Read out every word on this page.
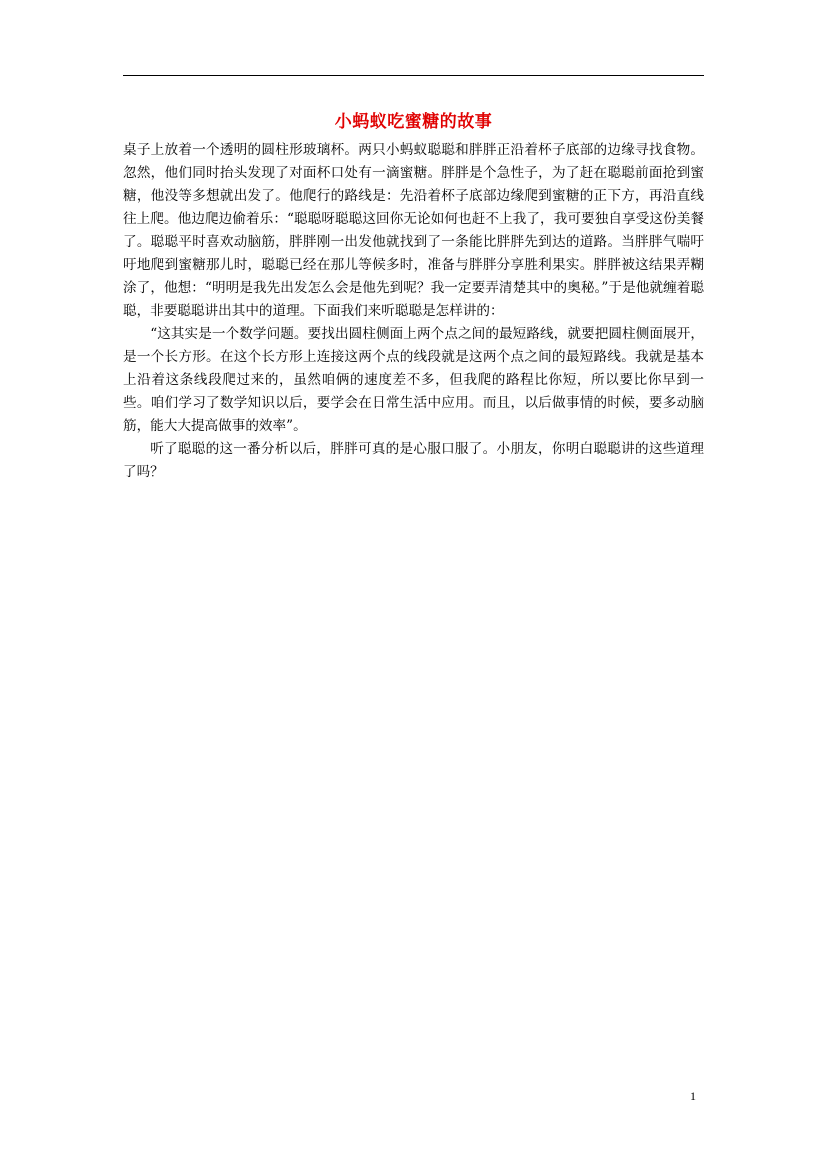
小蚂蚁吃蜜糖的故事

桌子上放着一个透明的圆柱形玻璃杯。两只小蚂蚁聪聪和胖胖正沿着杯子底部的边缘寻找食物。忽然，他们同时抬头发现了对面杯口处有一滴蜜糖。胖胖是个急性子，为了赶在聪聪前面抢到蜜糖，他没等多想就出发了。他爬行的路线是：先沿着杯子底部边缘爬到蜜糖的正下方，再沿直线往上爬。他边爬边偷着乐：“聪聪呀聪聪这回你无论如何也赶不上我了，我可要独自享受这份美餐了。聪聪平时喜欢动脑筋，胖胖刚一出发他就找到了一条能比胖胖先到达的道路。当胖胖气喘吁吁地爬到蜜糖那儿时，聪聪已经在那儿等候多时，准备与胖胖分享胜利果实。胖胖被这结果弄糊涂了，他想：“明明是我先出发怎么会是他先到呢？我一定要弄清楚其中的奥秘。”于是他就缠着聪聪，非要聪聪讲出其中的道理。下面我们来听聪聪是怎样讲的：

“这其实是一个数学问题。要找出圆柱侧面上两个点之间的最短路线，就要把圆柱侧面展开，是一个长方形。在这个长方形上连接这两个点的线段就是这两个点之间的最短路线。我就是基本上沿着这条线段爬过来的，虽然咱俩的速度差不多，但我爬的路程比你短，所以要比你早到一些。咱们学习了数学知识以后，要学会在日常生活中应用。而且，以后做事情的时候，要多动脑筋，能大大提高做事的效率”。

听了聪聪的这一番分析以后，胖胖可真的是心服口服了。小朋友，你明白聪聪讲的这些道理了吗？

1
